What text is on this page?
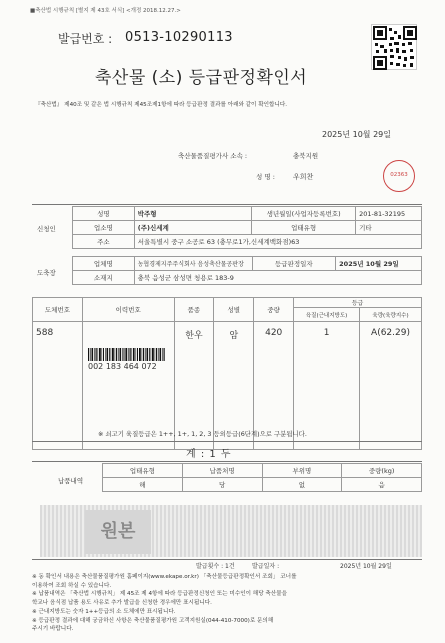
■축산법 시행규칙 [별지 제 43호 서식] <개정 2018.12.27.>
발급번호 : 0513-10290113
축산물 (소) 등급판정확인서
『축산법』 제40조 및 같은 법 시행규칙 제45조제1항에 따라 등급판정 결과를 아래와 같이 확인합니다.
2025년 10월 29일
축산물품질평가사 소속 :	충북지원
성 명 :	우희찬	02363
신청인
성명	박주형	생년월일(사업자등록번호)	201-81-32195
업소명	(주)신세계	업태유형	기타
주소	서울특별시 중구 소공로 63 (충무로1가,신세계백화점)63		
도축장
업체명	농협경제지주주식회사 음성축산물공판장	등급판정일자	2025년 10월 29일
소재지	충북 음성군 삼성면 청용로 183-9		
도체번호	이력번호	품종	성별	중량	등급	
					육질(근내지방도)	육량(육량지수)
588		한우	암	420	1	A(62.29)
002 183 464 072
※ 쇠고기 육질등급은 1++, 1+, 1, 2, 3 등외등급(6단계)으로 구분됩니다.
계 : 1 두
납품내역
업태유형	납품처명	부위명	중량(kg)
해	당	없	음
원본
발급횟수 : 1건	발급일자 :	2025년 10월 29일
※ 동 확인서 내용은 축산물품질평가원 홈페이지(www.ekape.or.kr) 「축산물등급판정확인서 조회」 코너를
이용하여 조회 하실 수 있습니다.
※ 납품내역은 「축산법 시행규칙」 제 45조 제 4항에 따라 등급판정신청인 또는 미수인이 해당 축산물을
학교나 음식점 납품 용도 사유로 추가 발급을 신청한 경우에만 표시됩니다.
※ 근내지방도는 숫자 1++등급의 소 도체에만 표시됩니다.
※ 등급판정 결과에 대해 궁금하신 사항은 축산물품질평가원 고객지원실(044-410-7000)로 문의해
주시기 바랍니다.
